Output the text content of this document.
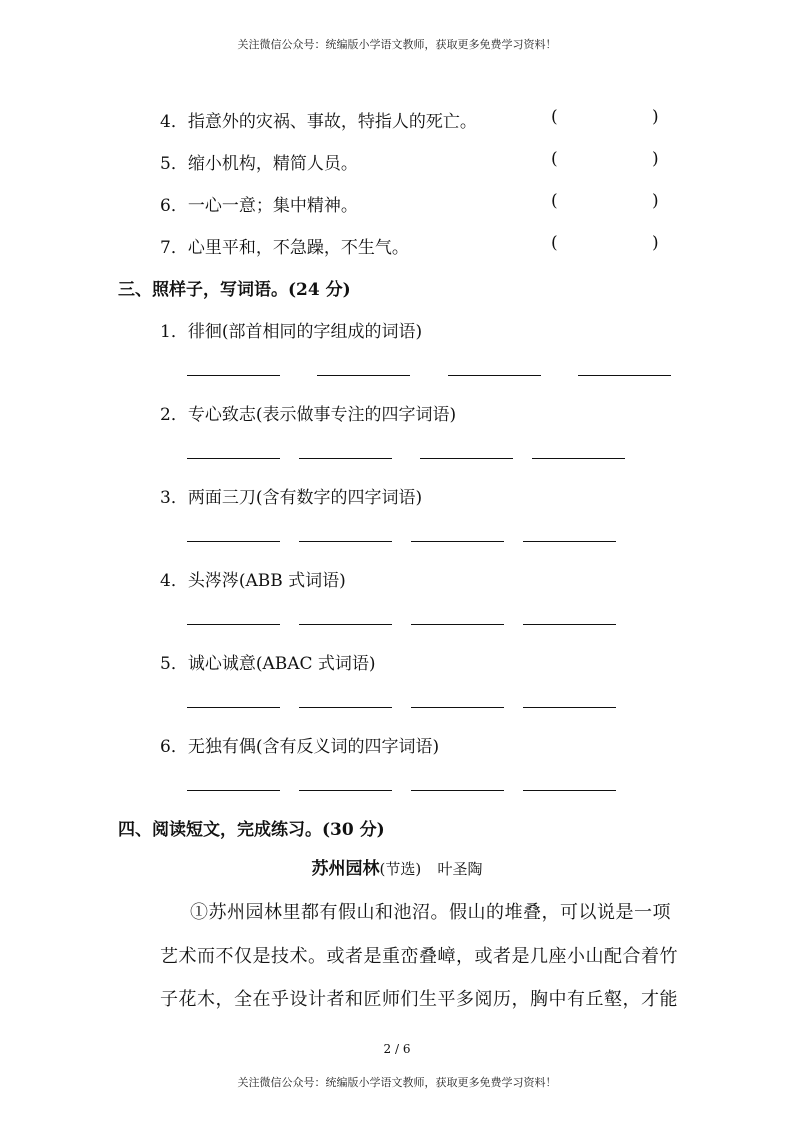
关注微信公众号：统编版小学语文教师，获取更多免费学习资料！
4．指意外的灾祸、事故，特指人的死亡。	(	)
5．缩小机构，精简人员。	(	)
6．一心一意；集中精神。	(	)
7．心里平和，不急躁，不生气。	(	)
三、照样子，写词语。(24 分)
1．徘徊(部首相同的字组成的词语)
2．专心致志(表示做事专注的四字词语)
3．两面三刀(含有数字的四字词语)
4．头涔涔(ABB 式词语)
5．诚心诚意(ABAC 式词语)
6．无独有偶(含有反义词的四字词语)
四、阅读短文，完成练习。(30 分)
苏州园林(节选) 叶圣陶
①苏州园林里都有假山和池沼。假山的堆叠，可以说是一项
艺术而不仅是技术。或者是重峦叠嶂，或者是几座小山配合着竹
子花木，全在乎设计者和匠师们生平多阅历，胸中有丘壑，才能
2 / 6
关注微信公众号：统编版小学语文教师，获取更多免费学习资料！
